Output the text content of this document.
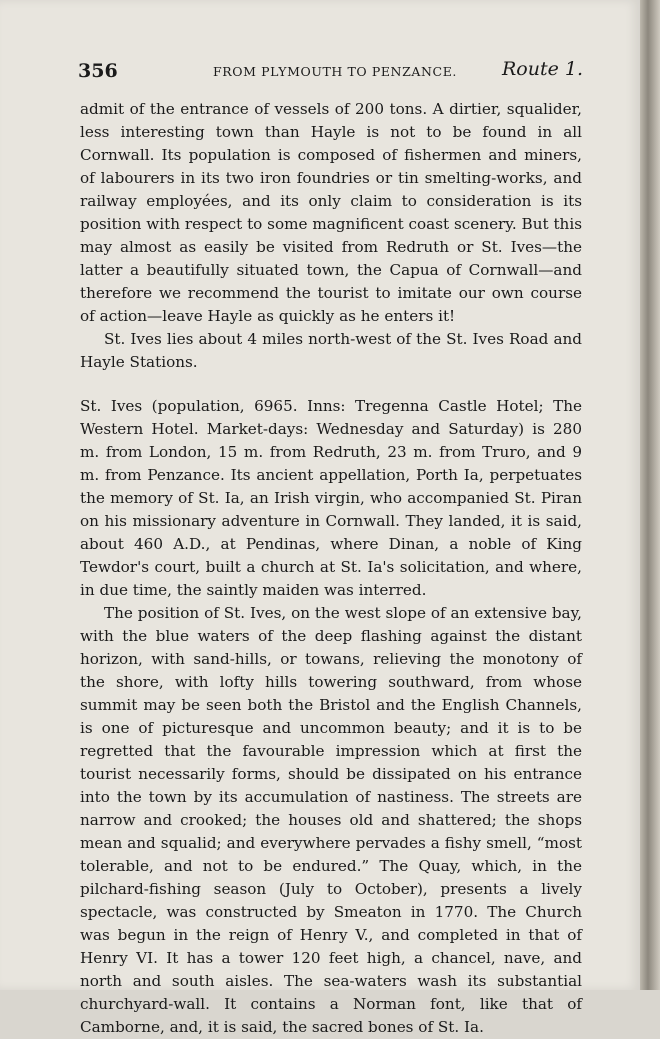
356	FROM PLYMOUTH TO PENZANCE. Route 1.

admit of the entrance of vessels of 200 tons. A dirtier, squalider, less interesting town than Hayle is not to be found in all Cornwall. Its population is composed of fishermen and miners, of labourers in its two iron foundries or tin smelting-works, and railway employées, and its only claim to consideration is its position with respect to some magnificent coast scenery. But this may almost as easily be visited from Redruth or St. Ives—the latter a beautifully situated town, the Capua of Cornwall—and therefore we recommend the tourist to imitate our own course of action—leave Hayle as quickly as he enters it!

St. Ives lies about 4 miles north-west of the St. Ives Road and Hayle Stations.

St. Ives (population, 6965. Inns: Tregenna Castle Hotel; The Western Hotel. Market-days: Wednesday and Saturday) is 280 m. from London, 15 m. from Redruth, 23 m. from Truro, and 9 m. from Penzance. Its ancient appellation, Porth Ia, perpetuates the memory of St. Ia, an Irish virgin, who accompanied St. Piran on his missionary adventure in Cornwall. They landed, it is said, about 460 A.D., at Pendinas, where Dinan, a noble of King Tewdor's court, built a church at St. Ia's solicitation, and where, in due time, the saintly maiden was interred.

The position of St. Ives, on the west slope of an extensive bay, with the blue waters of the deep flashing against the distant horizon, with sand-hills, or towans, relieving the monotony of the shore, with lofty hills towering southward, from whose summit may be seen both the Bristol and the English Channels, is one of picturesque and uncommon beauty; and it is to be regretted that the favourable impression which at first the tourist necessarily forms, should be dissipated on his entrance into the town by its accumulation of nastiness. The streets are narrow and crooked; the houses old and shattered; the shops mean and squalid; and everywhere pervades a fishy smell, “most tolerable, and not to be endured.” The Quay, which, in the pilchard-fishing season (July to October), presents a lively spectacle, was constructed by Smeaton in 1770. The Church was begun in the reign of Henry V., and completed in that of Henry VI. It has a tower 120 feet high, a chancel, nave, and north and south aisles. The sea-waters wash its substantial churchyard-wall. It contains a Norman font, like that of Camborne, and, it is said, the sacred bones of St. Ia.
